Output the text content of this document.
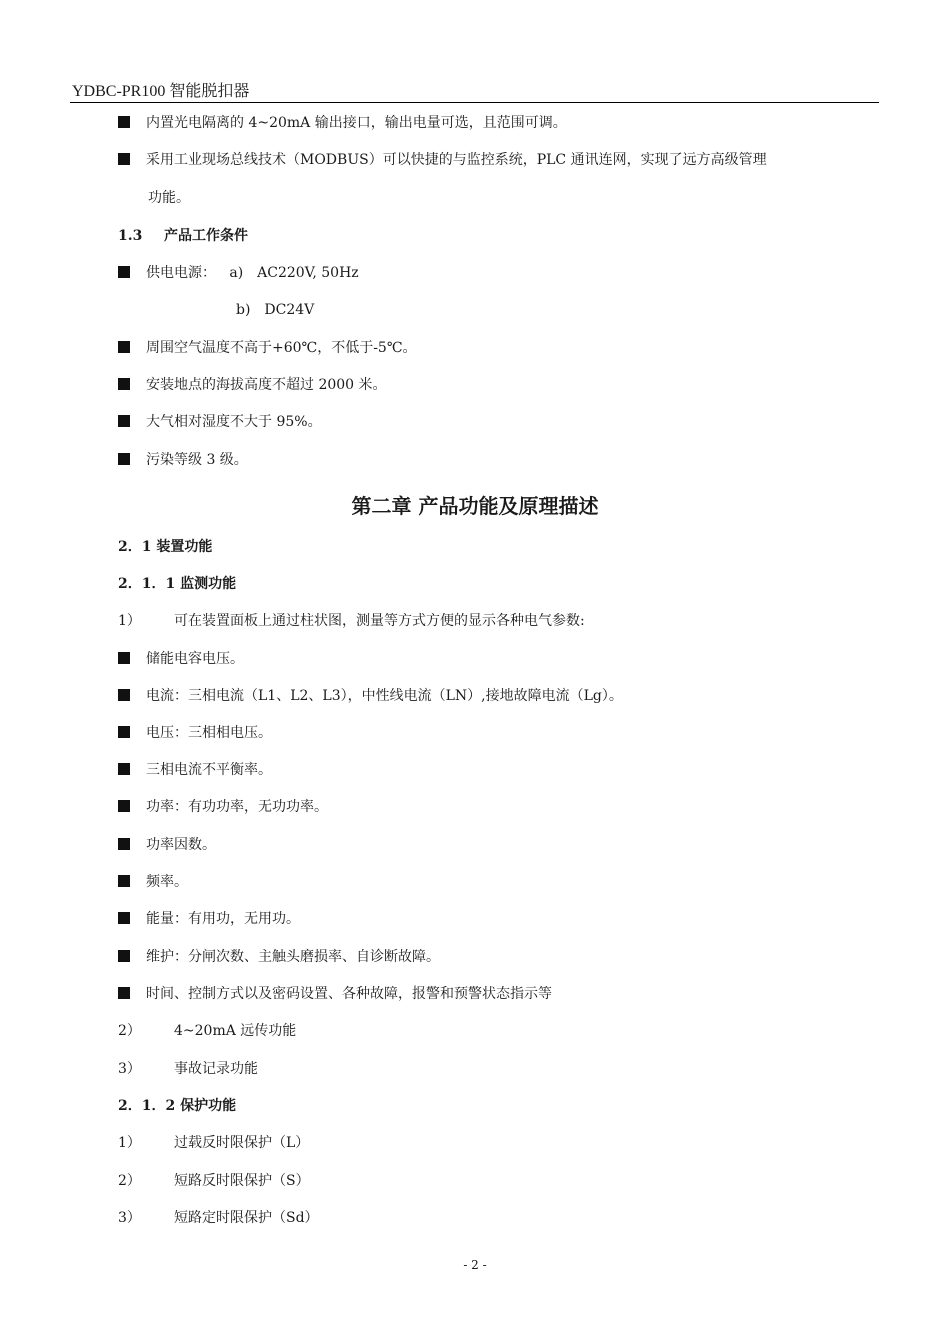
YDBC-PR100 智能脱扣器
内置光电隔离的 4~20mA 输出接口，输出电量可选，且范围可调。
采用工业现场总线技术（MODBUS）可以快捷的与监控系统，PLC 通讯连网，实现了远方高级管理
功能。
1.3 产品工作条件
供电电源： a)　AC220V, 50Hz
b)　DC24V
周围空气温度不高于+60℃，不低于-5℃。
安装地点的海拔高度不超过 2000 米。
大气相对湿度不大于 95%。
污染等级 3 级。
第二章 产品功能及原理描述
2．1 装置功能
2．1．1 监测功能
1） 可在装置面板上通过柱状图，测量等方式方便的显示各种电气参数:
储能电容电压。
电流：三相电流（L1、L2、L3），中性线电流（LN）,接地故障电流（Lg）。
电压：三相相电压。
三相电流不平衡率。
功率：有功功率，无功功率。
功率因数。
频率。
能量：有用功，无用功。
维护：分闸次数、主触头磨损率、自诊断故障。
时间、控制方式以及密码设置、各种故障，报警和预警状态指示等
2） 4~20mA 远传功能
3） 事故记录功能
2．1．2 保护功能
1） 过载反时限保护（L）
2） 短路反时限保护（S）
3） 短路定时限保护（Sd）
- 2 -
